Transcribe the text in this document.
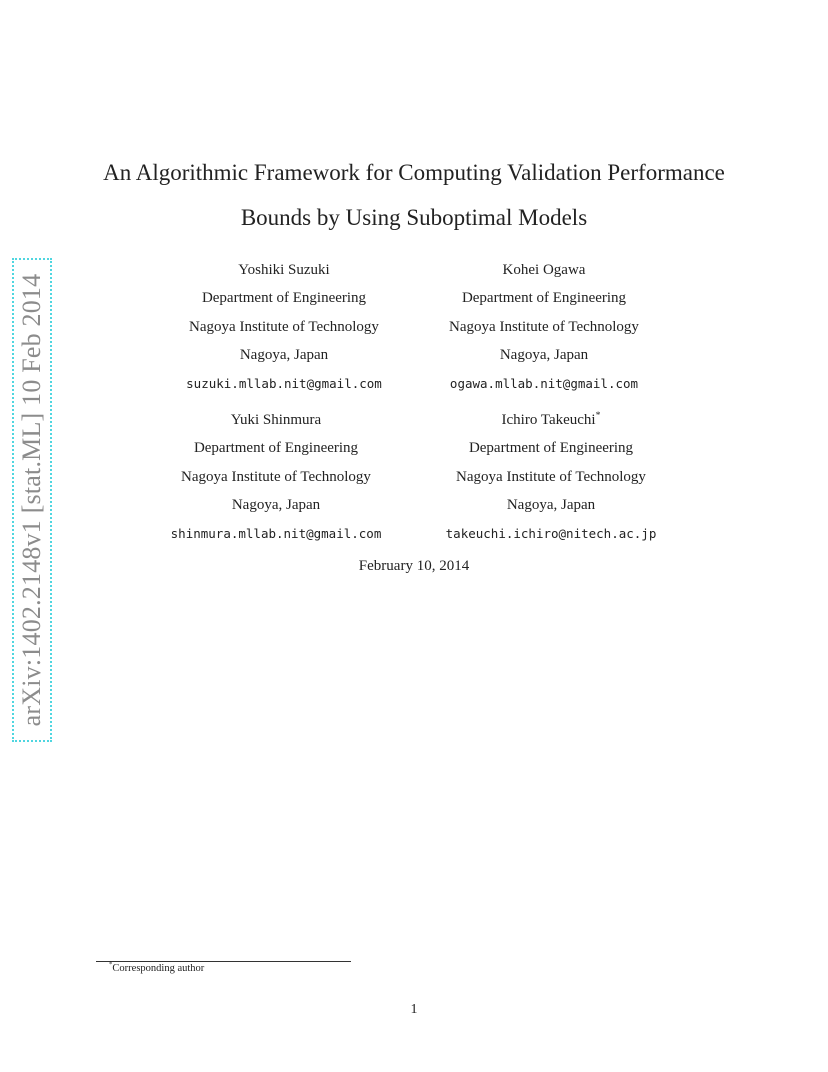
arXiv:1402.2148v1 [stat.ML] 10 Feb 2014
An Algorithmic Framework for Computing Validation Performance
Bounds by Using Suboptimal Models
Yoshiki Suzuki
Department of Engineering
Nagoya Institute of Technology
Nagoya, Japan
suzuki.mllab.nit@gmail.com
Kohei Ogawa
Department of Engineering
Nagoya Institute of Technology
Nagoya, Japan
ogawa.mllab.nit@gmail.com
Yuki Shinmura
Department of Engineering
Nagoya Institute of Technology
Nagoya, Japan
shinmura.mllab.nit@gmail.com
Ichiro Takeuchi*
Department of Engineering
Nagoya Institute of Technology
Nagoya, Japan
takeuchi.ichiro@nitech.ac.jp
February 10, 2014
*Corresponding author
1
